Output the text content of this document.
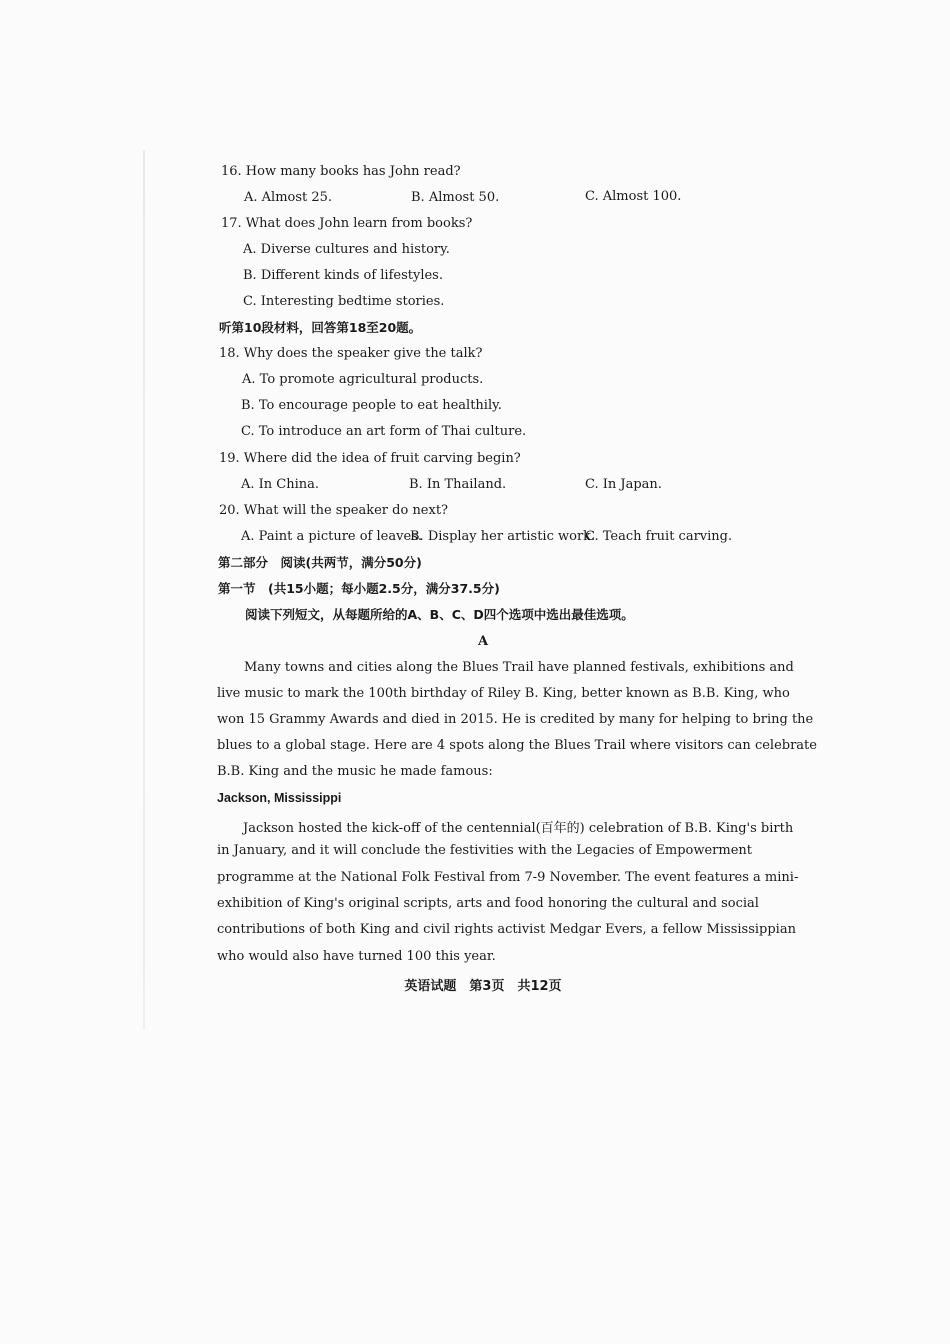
16. How many books has John read?
A. Almost 25.	B. Almost 50.	C. Almost 100.
17. What does John learn from books?
A. Diverse cultures and history.
B. Different kinds of lifestyles.
C. Interesting bedtime stories.
听第10段材料，回答第18至20题。
18. Why does the speaker give the talk?
A. To promote agricultural products.
B. To encourage people to eat healthily.
C. To introduce an art form of Thai culture.
19. Where did the idea of fruit carving begin?
A. In China.	B. In Thailand.	C. In Japan.
20. What will the speaker do next?
A. Paint a picture of leaves.
B. Display her artistic work.
C. Teach fruit carving.
第二部分　阅读(共两节，满分50分)
第一节　(共15小题；每小题2.5分，满分37.5分)
阅读下列短文，从每题所给的A、B、C、D四个选项中选出最佳选项。
A
Many towns and cities along the Blues Trail have planned festivals, exhibitions and
live music to mark the 100th birthday of Riley B. King, better known as B.B. King, who
won 15 Grammy Awards and died in 2015. He is credited by many for helping to bring the
blues to a global stage. Here are 4 spots along the Blues Trail where visitors can celebrate
B.B. King and the music he made famous:
Jackson, Mississippi
Jackson hosted the kick-off of the centennial(百年的) celebration of B.B. King's birth
in January, and it will conclude the festivities with the Legacies of Empowerment
programme at the National Folk Festival from 7-9 November. The event features a mini-
exhibition of King's original scripts, arts and food honoring the cultural and social
contributions of both King and civil rights activist Medgar Evers, a fellow Mississippian
who would also have turned 100 this year.
英语试题　第3页　共12页
